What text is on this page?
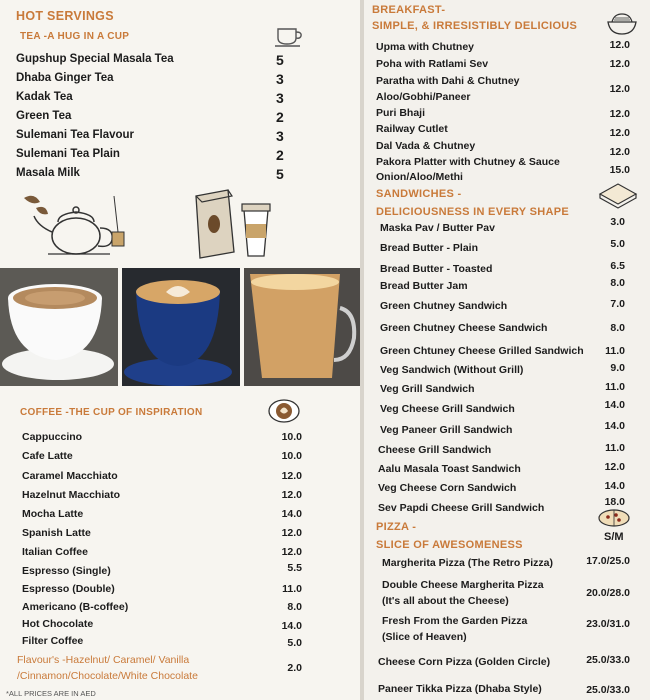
HOT SERVINGS
TEA -A HUG IN A CUP
Gupshup Special Masala Tea	5
Dhaba Ginger Tea	3
Kadak Tea	3
Green Tea	2
Sulemani Tea Flavour	3
Sulemani Tea Plain	2
Masala Milk	5
COFFEE -THE CUP OF INSPIRATION
Cappuccino	10.0
Cafe Latte	10.0
Caramel Macchiato	12.0
Hazelnut Macchiato	12.0
Mocha Latte	14.0
Spanish Latte	12.0
Italian Coffee	12.0
Espresso (Single)	5.5
Espresso (Double)	11.0
Americano (B-coffee)	8.0
Hot Chocolate	14.0
Filter Coffee	5.0
Flavour's -Hazelnut/ Caramel/ Vanilla
/Cinnamon/Chocolate/White Chocolate
2.0
*ALL PRICES ARE IN AED
BREAKFAST-
SIMPLE, & IRRESISTIBLY DELICIOUS
Upma with Chutney	12.0
Poha with Ratlami Sev	12.0
Paratha with Dahi & Chutney
Aloo/Gobhi/Paneer
12.0
Puri Bhaji	12.0
Railway Cutlet	12.0
Dal Vada & Chutney	12.0
Pakora Platter with Chutney & Sauce
Onion/Aloo/Methi
15.0
SANDWICHES -
DELICIOUSNESS IN EVERY SHAPE
Maska Pav / Butter Pav	3.0
Bread Butter - Plain	5.0
Bread Butter - Toasted	6.5
Bread Butter Jam	8.0
Green Chutney Sandwich	7.0
Green Chutney Cheese Sandwich	8.0
Green Chtuney Cheese Grilled Sandwich	11.0
Veg Sandwich (Without Grill)	9.0
Veg Grill Sandwich	11.0
Veg Cheese Grill Sandwich	14.0
Veg Paneer Grill Sandwich	14.0
Cheese Grill Sandwich	11.0
Aalu Masala Toast Sandwich	12.0
Veg Cheese Corn Sandwich	14.0
Sev Papdi Cheese Grill Sandwich	18.0
PIZZA -
SLICE OF AWESOMENESS
S/M
Margherita Pizza (The Retro Pizza)	17.0/25.0
Double Cheese Margherita Pizza
(It's all about the Cheese)
20.0/28.0
Fresh From the Garden Pizza
(Slice of Heaven)
23.0/31.0
Cheese Corn Pizza (Golden Circle)	25.0/33.0
Paneer Tikka Pizza (Dhaba Style)	25.0/33.0
